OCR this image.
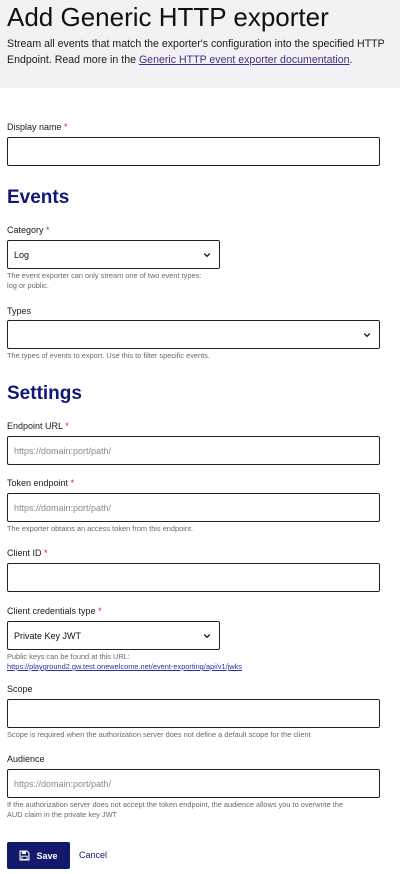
Add Generic HTTP exporter

Stream all events that match the exporter's configuration into the specified HTTP Endpoint. Read more in the Generic HTTP event exporter documentation.

Display name *
Events
Category *
Log
The event exporter can only stream one of two event types:
log or public.
Types
The types of events to export. Use this to filter specific events.
Settings
Endpoint URL *
https://domain:port/path/
Token endpoint *
https://domain:port/path/
The exporter obtains an access token from this endpoint.
Client ID *
Client credentials type *
Private Key JWT
Public keys can be found at this URL:
https://playground2.gw.test.onewelcome.net/event-exporting/api/v1/jwks
Scope
Scope is required when the authorization server does not define a default scope for the client
Audience
https://domain:port/path/
If the authorization server does not accept the token endpoint, the audience allows you to overwrite the
AUD claim in the private key JWT
Save Cancel
